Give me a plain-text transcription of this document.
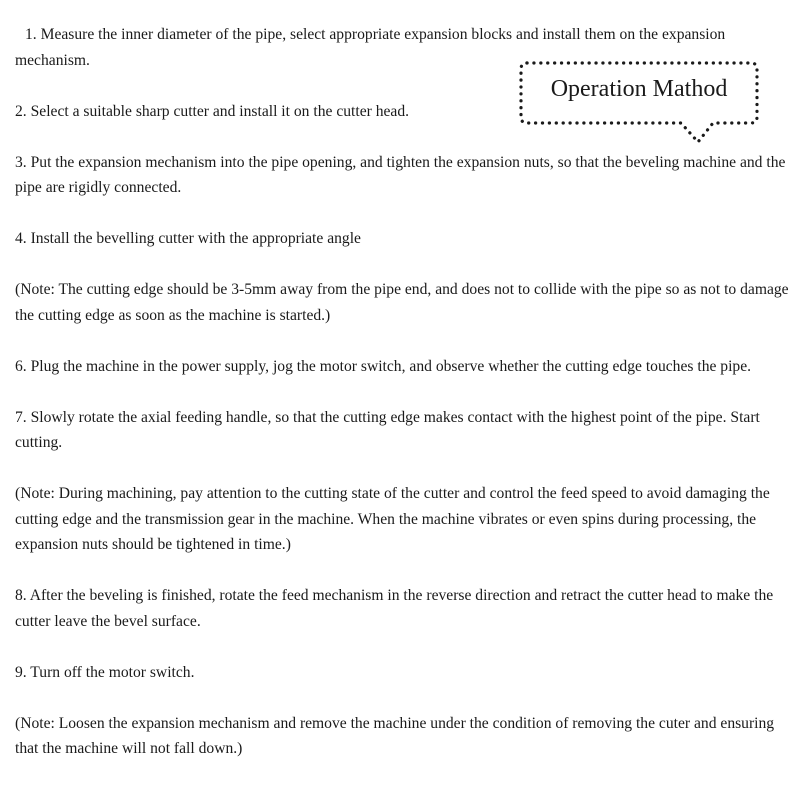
1. Measure the inner diameter of the pipe, select appropriate expansion blocks and install them on the expansion mechanism.

2. Select a suitable sharp cutter and install it on the cutter head.

3. Put the expansion mechanism into the pipe opening, and tighten the expansion nuts, so that the beveling machine and the pipe are rigidly connected.

4. Install the bevelling cutter with the appropriate angle

(Note: The cutting edge should be 3-5mm away from the pipe end, and does not to collide with the pipe so as not to damage the cutting edge as soon as the machine is started.)

6. Plug the machine in the power supply, jog the motor switch, and observe whether the cutting edge touches the pipe.

7. Slowly rotate the axial feeding handle, so that the cutting edge makes contact with the highest point of the pipe. Start cutting.

(Note: During machining, pay attention to the cutting state of the cutter and control the feed speed to avoid damaging the cutting edge and the transmission gear in the machine. When the machine vibrates or even spins during processing, the expansion nuts should be tightened in time.)

8. After the beveling is finished, rotate the feed mechanism in the reverse direction and retract the cutter head to make the cutter leave the bevel surface.

9. Turn off the motor switch.

(Note: Loosen the expansion mechanism and remove the machine under the condition of removing the cuter and ensuring that the machine will not fall down.)

Operation Mathod
